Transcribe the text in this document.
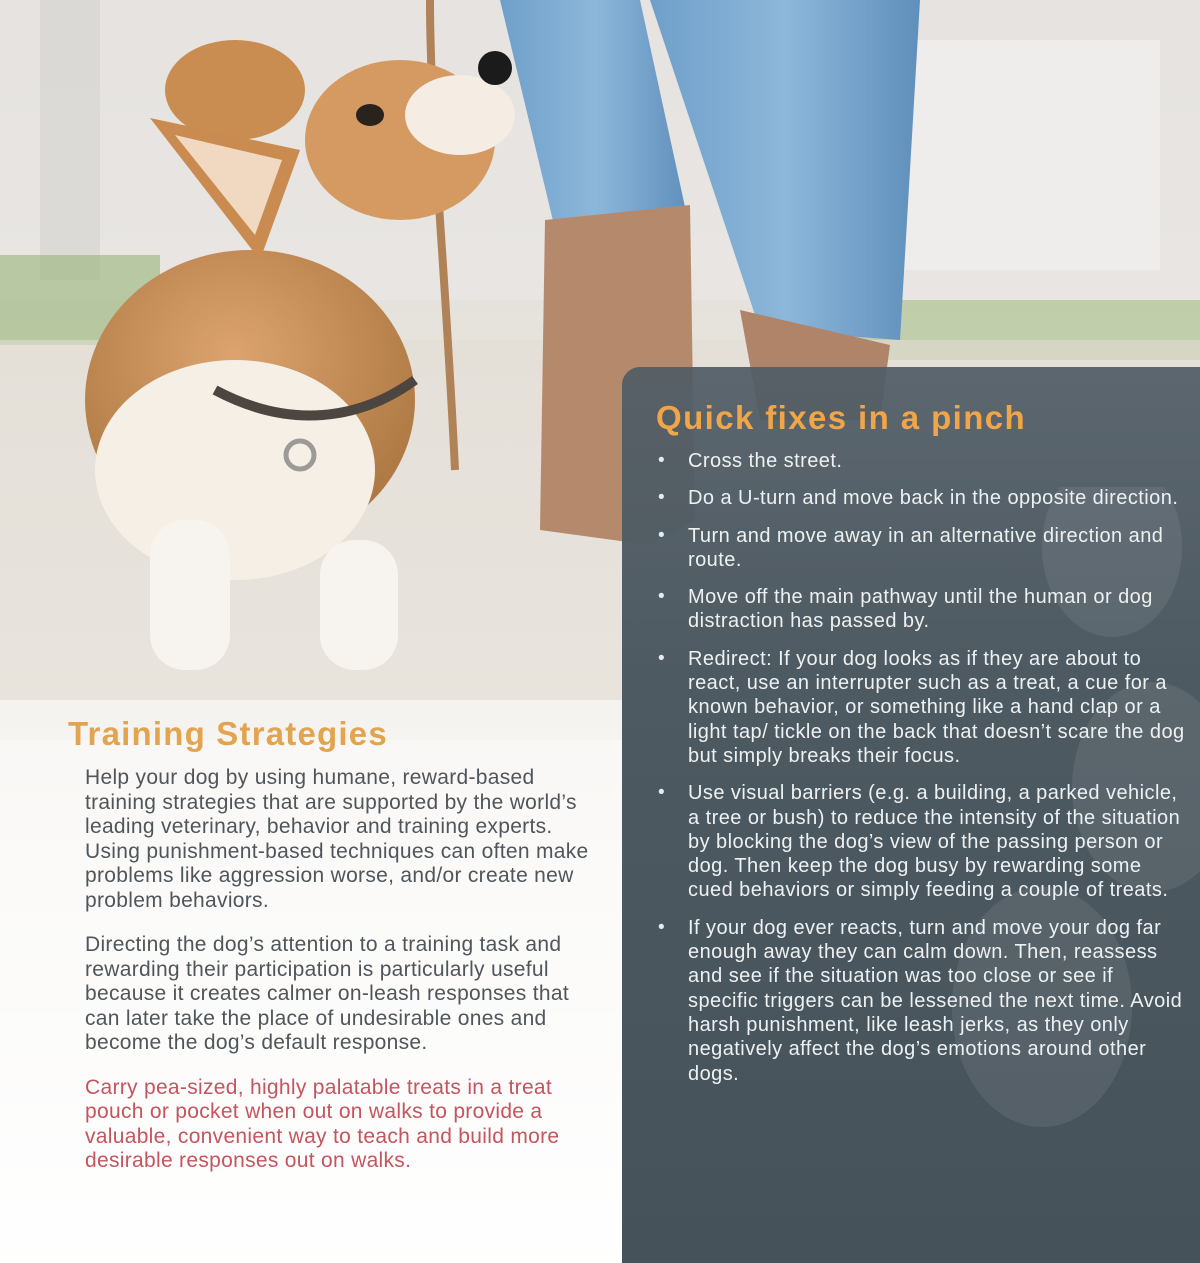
Training Strategies

Help your dog by using humane, reward-based training strategies that are supported by the world’s leading veterinary, behavior and training experts. Using punishment-based techniques can often make problems like aggression worse, and/or create new problem behaviors.

Directing the dog’s attention to a training task and rewarding their participation is particularly useful because it creates calmer on-leash responses that can later take the place of undesirable ones and become the dog’s default response.

Carry pea-sized, highly palatable treats in a treat pouch or pocket when out on walks to provide a valuable, convenient way to teach and build more desirable responses out on walks.

Quick fixes in a pinch
• Cross the street.
• Do a U-turn and move back in the opposite direction.
• Turn and move away in an alternative direction and route.
• Move off the main pathway until the human or dog distraction has passed by.
• Redirect: If your dog looks as if they are about to react, use an interrupter such as a treat, a cue for a known behavior, or something like a hand clap or a light tap/ tickle on the back that doesn’t scare the dog but simply breaks their focus.
• Use visual barriers (e.g. a building, a parked vehicle, a tree or bush) to reduce the intensity of the situation by blocking the dog’s view of the passing person or dog. Then keep the dog busy by rewarding some cued behaviors or simply feeding a couple of treats.
• If your dog ever reacts, turn and move your dog far enough away they can calm down. Then, reassess and see if the situation was too close or see if specific triggers can be lessened the next time. Avoid harsh punishment, like leash jerks, as they only negatively affect the dog’s emotions around other dogs.
